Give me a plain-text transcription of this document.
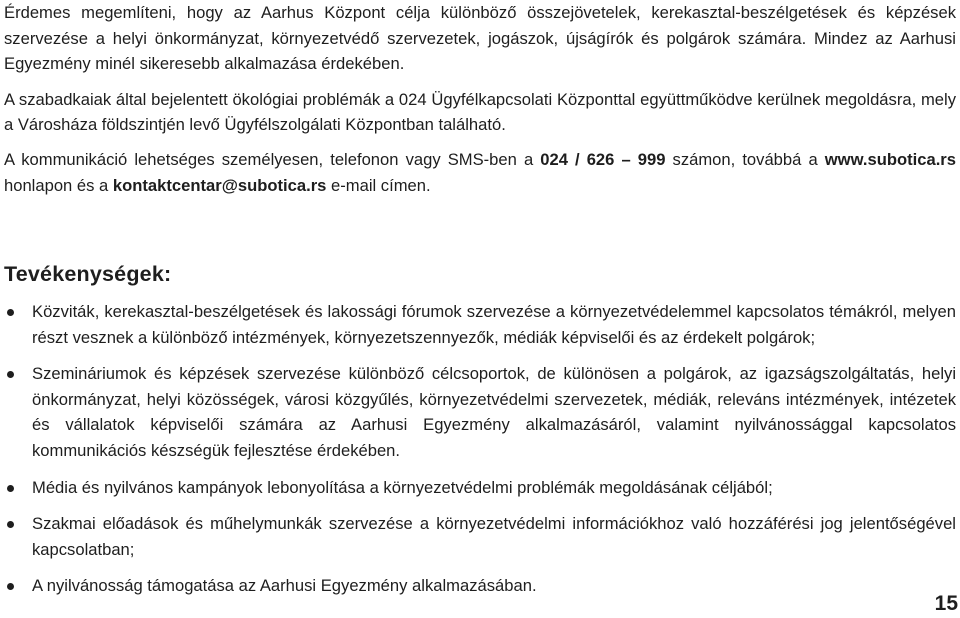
Érdemes megemlíteni, hogy az Aarhus Központ célja különböző összejövetelek, kerekasztal-beszélgetések és képzések szervezése a helyi önkormányzat, környezetvédő szervezetek, jogászok, újságírók és polgárok számára. Mindez az Aarhusi Egyezmény minél sikeresebb alkalmazása érdekében.

A szabadkaiak által bejelentett ökológiai problémák a 024 Ügyfélkapcsolati Központtal együttműködve kerülnek megoldásra, mely a Városháza földszintjén levő Ügyfélszolgálati Központban található.

A kommunikáció lehetséges személyesen, telefonon vagy SMS-ben a 024 / 626 – 999 számon, továbbá a www.subotica.rs honlapon és a kontaktcentar@subotica.rs e-mail címen.

Tevékenységek:
Közviták, kerekasztal-beszélgetések és lakossági fórumok szervezése a környezetvédelemmel kapcsolatos témákról, melyen részt vesznek a különböző intézmények, környezetszennyezők, médiák képviselői és az érdekelt polgárok;
Szemináriumok és képzések szervezése különböző célcsoportok, de különösen a polgárok, az igazságszolgáltatás, helyi önkormányzat, helyi közösségek, városi közgyűlés, környezetvédelmi szervezetek, médiák, releváns intézmények, intézetek és vállalatok képviselői számára az Aarhusi Egyezmény alkalmazásáról, valamint nyilvánossággal kapcsolatos kommunikációs készségük fejlesztése érdekében.
Média és nyilvános kampányok lebonyolítása a környezetvédelmi problémák megoldásának céljából;
Szakmai előadások és műhelymunkák szervezése a környezetvédelmi információkhoz való hozzáférési jog jelentőségével kapcsolatban;
A nyilvánosság támogatása az Aarhusi Egyezmény alkalmazásában.
15
